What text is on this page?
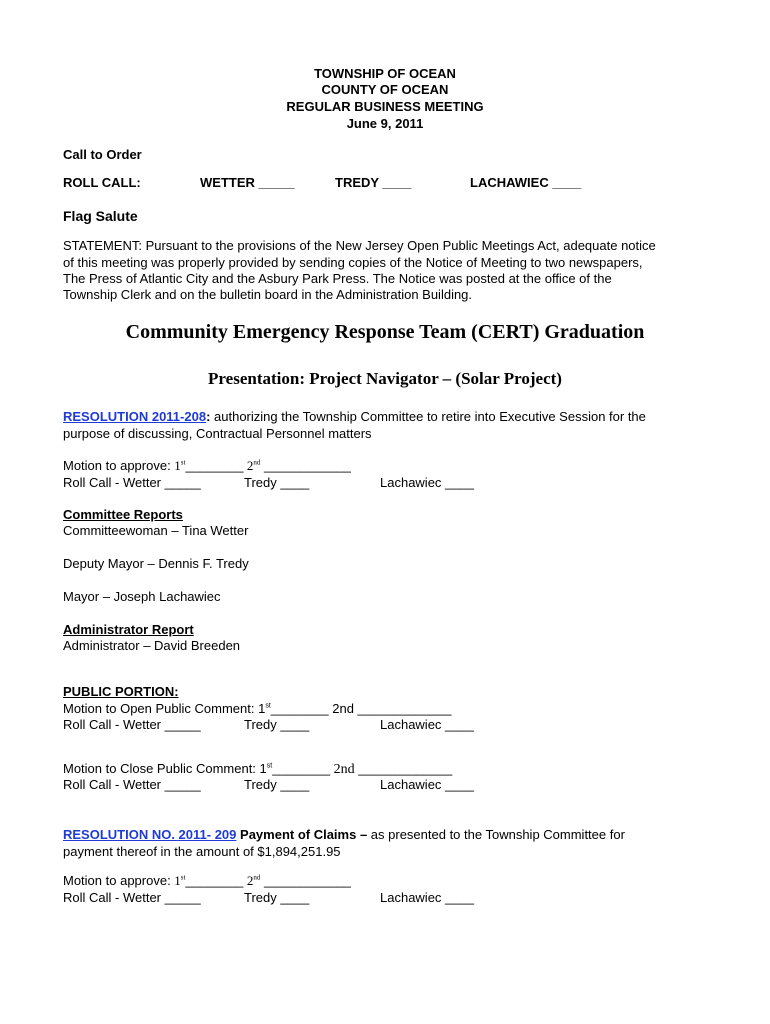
TOWNSHIP OF OCEAN
COUNTY OF OCEAN
REGULAR BUSINESS MEETING
June 9, 2011
Call to Order
ROLL CALL:	WETTER _____	TREDY ____	LACHAWIEC ____
Flag Salute
STATEMENT: Pursuant to the provisions of the New Jersey Open Public Meetings Act, adequate notice
of this meeting was properly provided by sending copies of the Notice of Meeting to two newspapers,
The Press of Atlantic City and the Asbury Park Press. The Notice was posted at the office of the
Township Clerk and on the bulletin board in the Administration Building.
Community Emergency Response Team (CERT) Graduation
Presentation: Project Navigator – (Solar Project)
RESOLUTION 2011-208: authorizing the Township Committee to retire into Executive Session for the
purpose of discussing, Contractual Personnel matters
Motion to approve: 1st________ 2nd ____________
Roll Call - Wetter _____	Tredy ____	Lachawiec ____
Committee Reports
Committeewoman – Tina Wetter
Deputy Mayor – Dennis F. Tredy
Mayor – Joseph Lachawiec
Administrator Report
Administrator – David Breeden
PUBLIC PORTION:
Motion to Open Public Comment: 1st________ 2nd _____________
Roll Call - Wetter _____	Tredy ____	Lachawiec ____
Motion to Close Public Comment: 1st________ 2nd _____________
Roll Call - Wetter _____	Tredy ____	Lachawiec ____
RESOLUTION NO. 2011- 209 Payment of Claims – as presented to the Township Committee for
payment thereof in the amount of $1,894,251.95
Motion to approve: 1st________ 2nd ____________
Roll Call - Wetter _____	Tredy ____	Lachawiec ____
